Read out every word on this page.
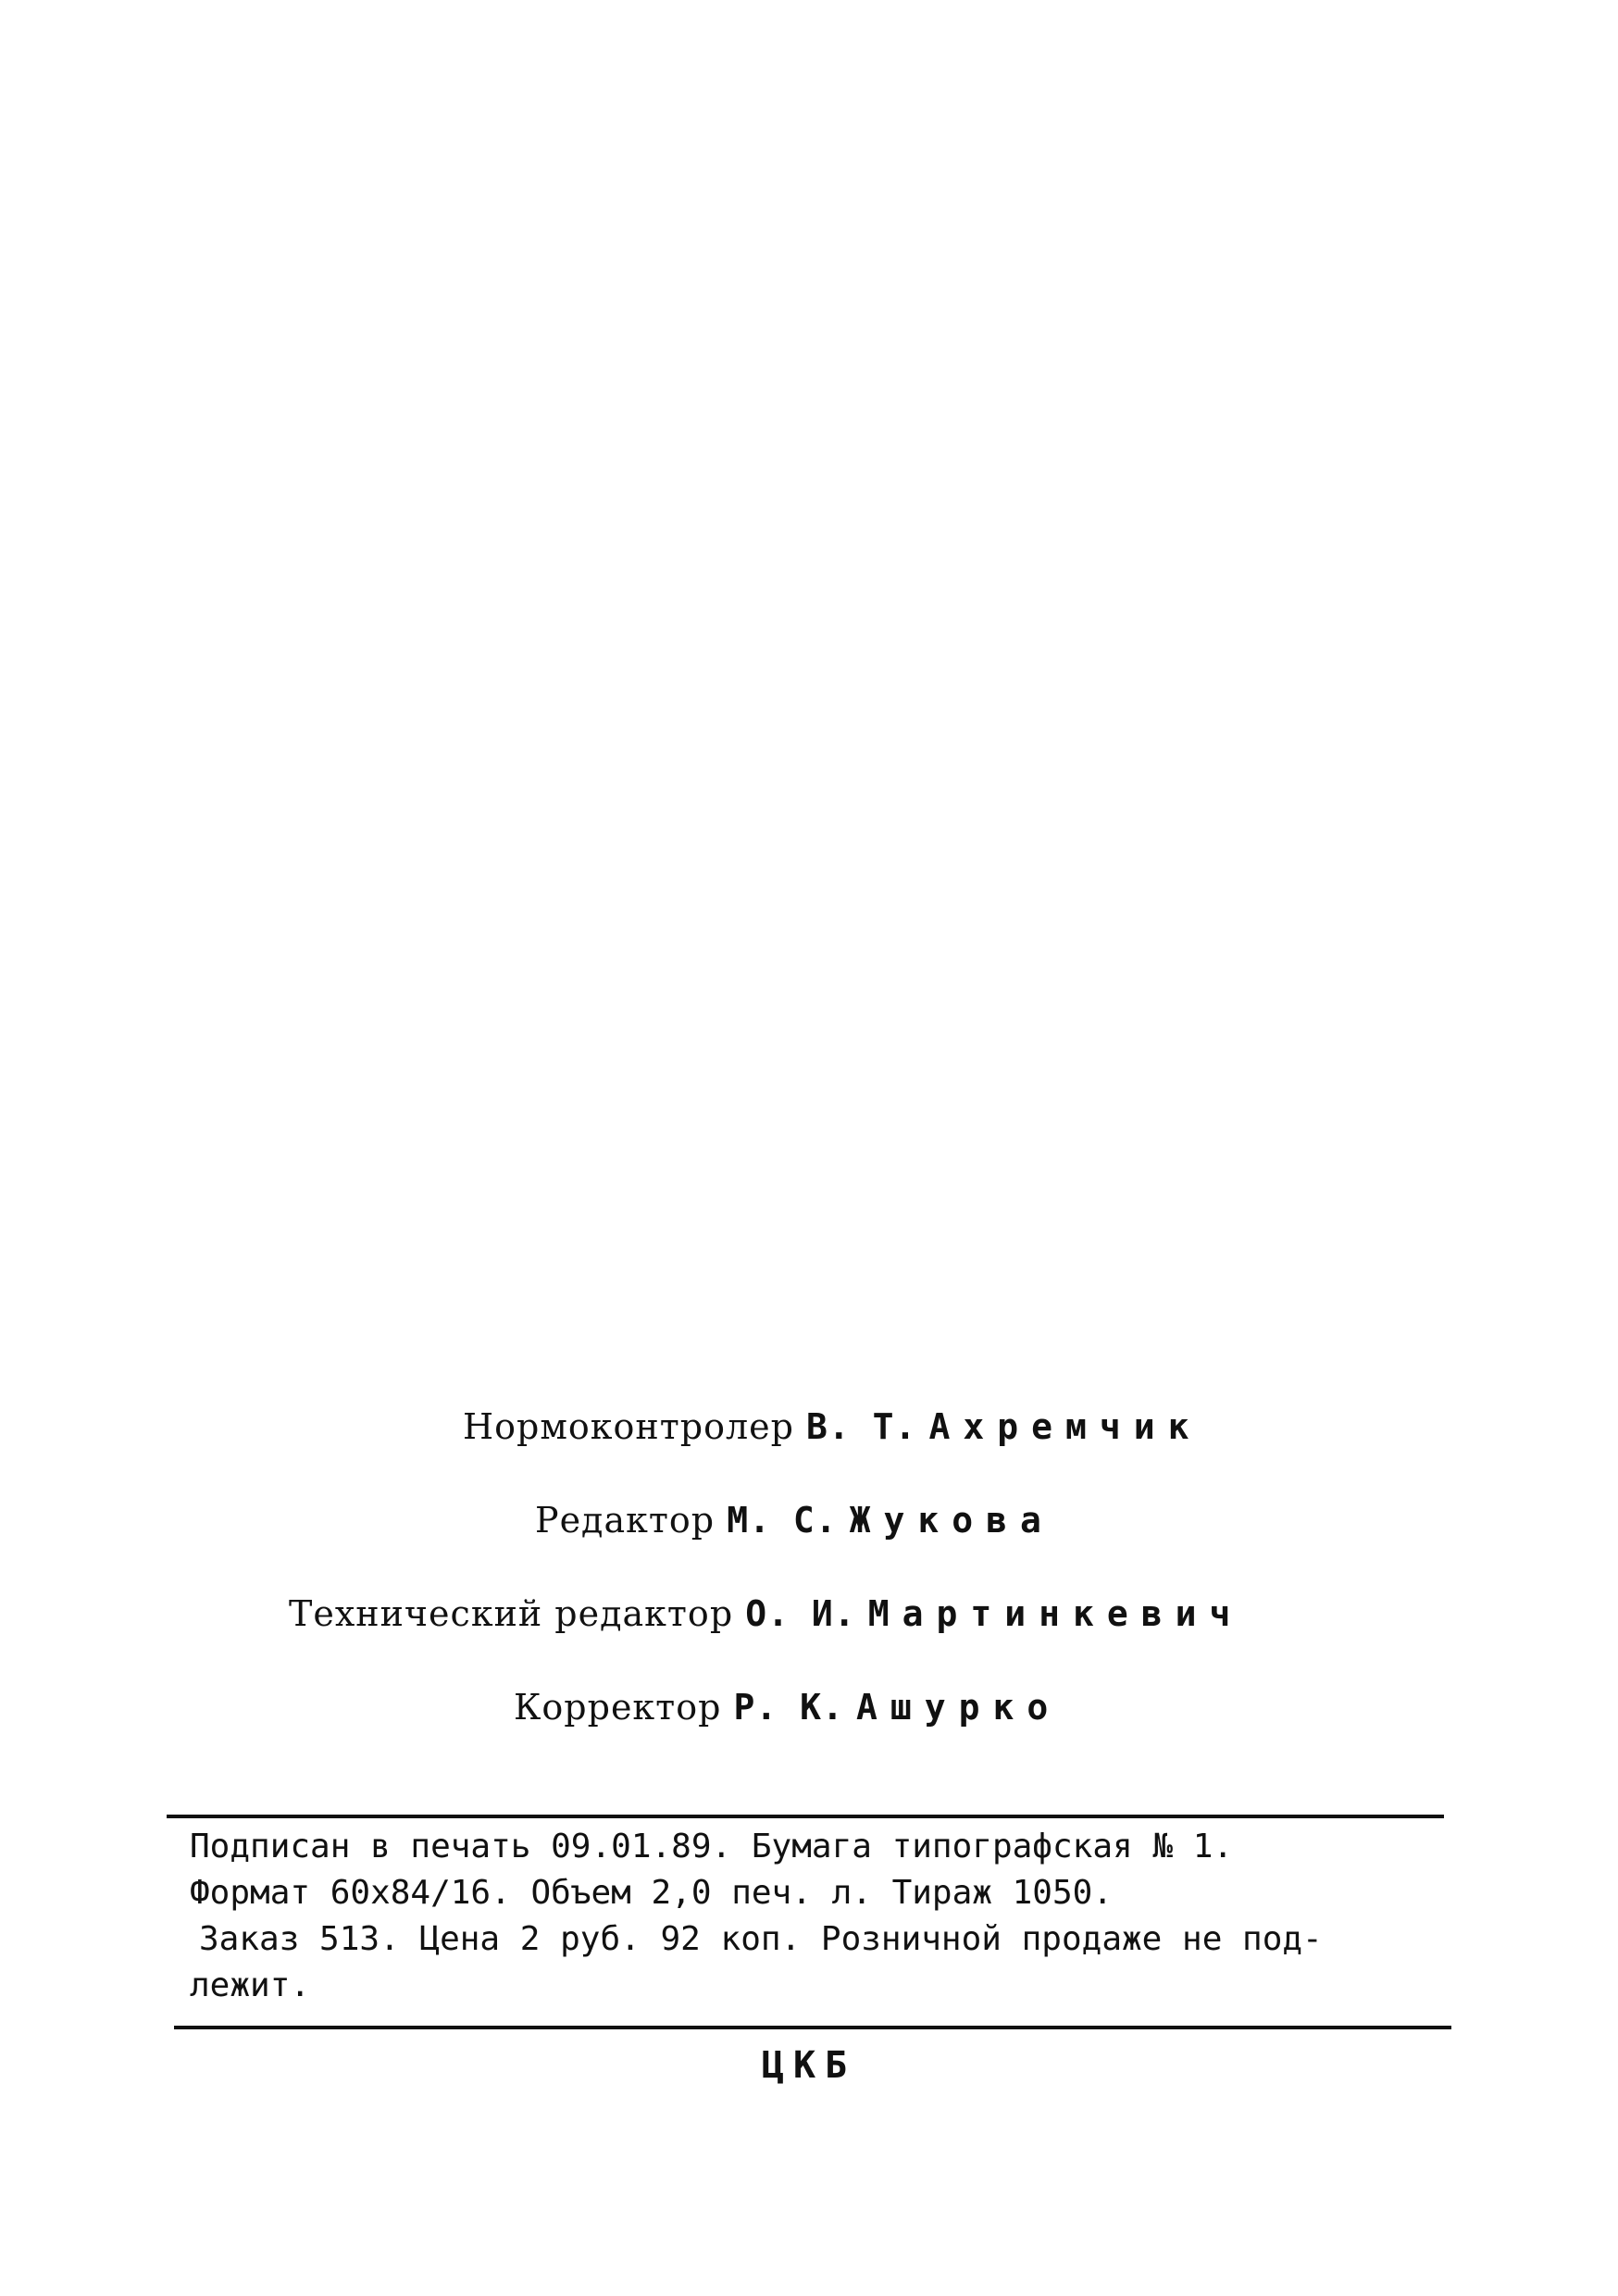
Нормоконтролер В. Т. Ахремчик
Редактор М. С. Жукова
Технический редактор О. И. Мартинкевич
Корректор Р. К. Ашурко
Подписан в печать 09.01.89. Бумага типографская № 1.
Формат 60х84/16. Объем 2,0 печ. л. Тираж 1050.
Заказ 513. Цена 2 руб. 92 коп. Розничной продаже не под-
лежит.
ЦКБ
